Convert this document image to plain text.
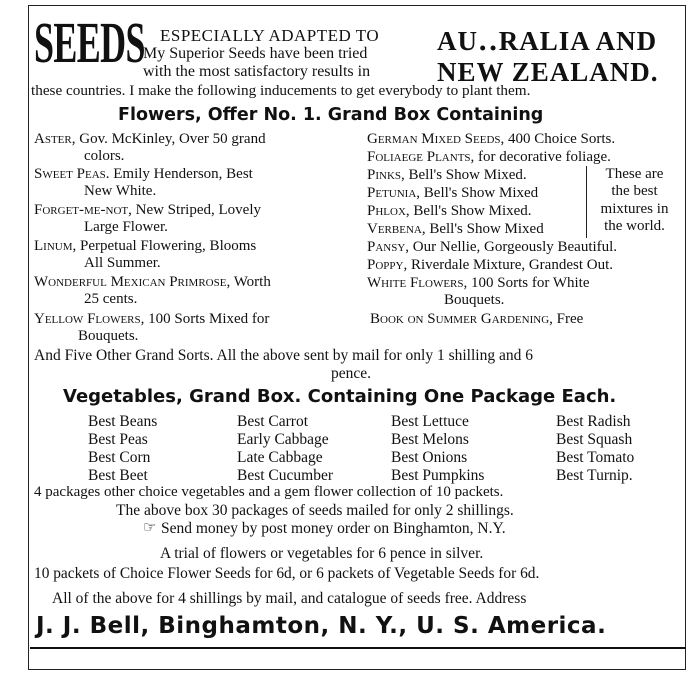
SEEDS ESPECIALLY ADAPTED TO
My Superior Seeds have been tried
with the most satisfactory results in
AU․․RALIA AND
NEW ZEALAND.
these countries. I make the following inducements to get everybody to plant them.
Flowers, Offer No. 1. Grand Box Containing
Aster, Gov. McKinley, Over 50 grand
colors.
Sweet Peas. Emily Henderson, Best
New White.
Forget-me-not, New Striped, Lovely
Large Flower.
Linum, Perpetual Flowering, Blooms
All Summer.
Wonderful Mexican Primrose, Worth
25 cents.
Yellow Flowers, 100 Sorts Mixed for
Bouquets.
German Mixed Seeds, 400 Choice Sorts.
Foliaege Plants, for decorative foliage.
Pinks, Bell's Show Mixed.
Petunia, Bell's Show Mixed
Phlox, Bell's Show Mixed.
Verbena, Bell's Show Mixed
These are
the best
mixtures in
the world.
Pansy, Our Nellie, Gorgeously Beautiful.
Poppy, Riverdale Mixture, Grandest Out.
White Flowers, 100 Sorts for White
Bouquets.
Book on Summer Gardening, Free
And Five Other Grand Sorts. All the above sent by mail for only 1 shilling and 6
pence.
Vegetables, Grand Box. Containing One Package Each.
Best Beans
Best Peas
Best Corn
Best Beet
Best Carrot
Early Cabbage
Late Cabbage
Best Cucumber
Best Lettuce
Best Melons
Best Onions
Best Pumpkins
Best Radish
Best Squash
Best Tomato
Best Turnip.
4 packages other choice vegetables and a gem flower collection of 10 packets.
The above box 30 packages of seeds mailed for only 2 shillings.
☞ Send money by post money order on Binghamton, N.Y.
A trial of flowers or vegetables for 6 pence in silver.
10 packets of Choice Flower Seeds for 6d, or 6 packets of Vegetable Seeds for 6d.
All of the above for 4 shillings by mail, and catalogue of seeds free. Address
J. J. Bell, Binghamton, N. Y., U. S. America.
